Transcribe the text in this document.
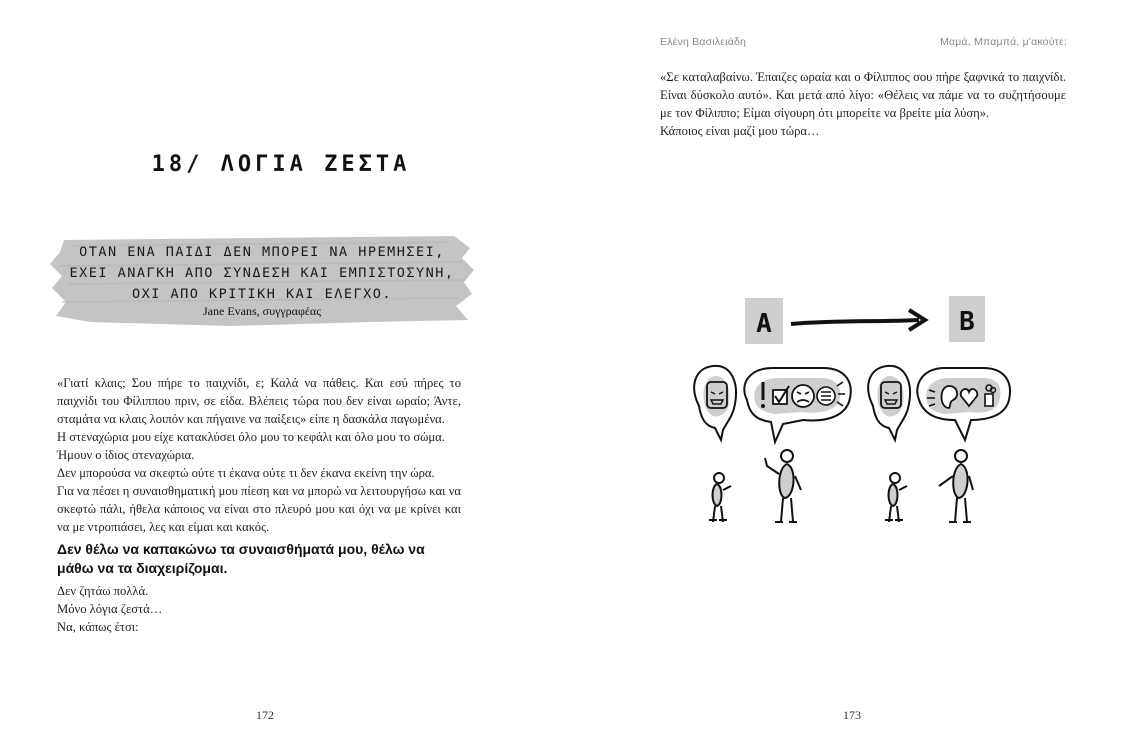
18/ ΛΟΓΙΑ ΖΕΣΤΑ
ΟΤΑΝ ΕΝΑ ΠΑΙΔΙ ΔΕΝ ΜΠΟΡΕΙ ΝΑ ΗΡΕΜΗΣΕΙ,
ΕΧΕΙ ΑΝΑΓΚΗ ΑΠΟ ΣΥΝΔΕΣΗ ΚΑΙ ΕΜΠΙΣΤΟΣΥΝΗ,
ΟΧΙ ΑΠΟ ΚΡΙΤΙΚΗ ΚΑΙ ΕΛΕΓΧΟ.
Jane Evans, συγγραφέας

«Γιατί κλαις; Σου πήρε το παιχνίδι, ε; Καλά να πάθεις. Και εσύ πήρες το παιχνίδι του Φίλιππου πριν, σε είδα. Βλέπεις τώρα που δεν είναι ωραίο; Άντε, σταμάτα να κλαις λοιπόν και πήγαινε να παίξεις» είπε η δασκάλα παγωμένα.

Η στεναχώρια μου είχε κατακλύσει όλο μου το κεφάλι και όλο μου το σώμα.

Ήμουν ο ίδιος στεναχώρια.

Δεν μπορούσα να σκεφτώ ούτε τι έκανα ούτε τι δεν έκανα εκείνη την ώρα.

Για να πέσει η συναισθηματική μου πίεση και να μπορώ να λειτουργήσω και να σκεφτώ πάλι, ήθελα κάποιος να είναι στο πλευρό μου και όχι να με κρίνει και να με ντροπιάσει, λες και είμαι και κακός.

Δεν θέλω να καπακώνω τα συναισθήματά μου, θέλω να μάθω να τα διαχειρίζομαι.

Δεν ζητάω πολλά.

Μόνο λόγια ζεστά…

Να, κάπως έτσι:

172
Ελένη Βασιλειάδη	Μαμά, Μπαμπά, μ'ακούτε;

«Σε καταλαβαίνω. Έπαιζες ωραία και ο Φίλιππος σου πήρε ξαφνικά το παιχνίδι. Είναι δύσκολο αυτό». Και μετά από λίγο: «Θέλεις να πάμε να το συζητήσουμε με τον Φίλιππο; Είμαι σίγουρη ότι μπορείτε να βρείτε μία λύση».

Κάποιος είναι μαζί μου τώρα…

A	B
173
